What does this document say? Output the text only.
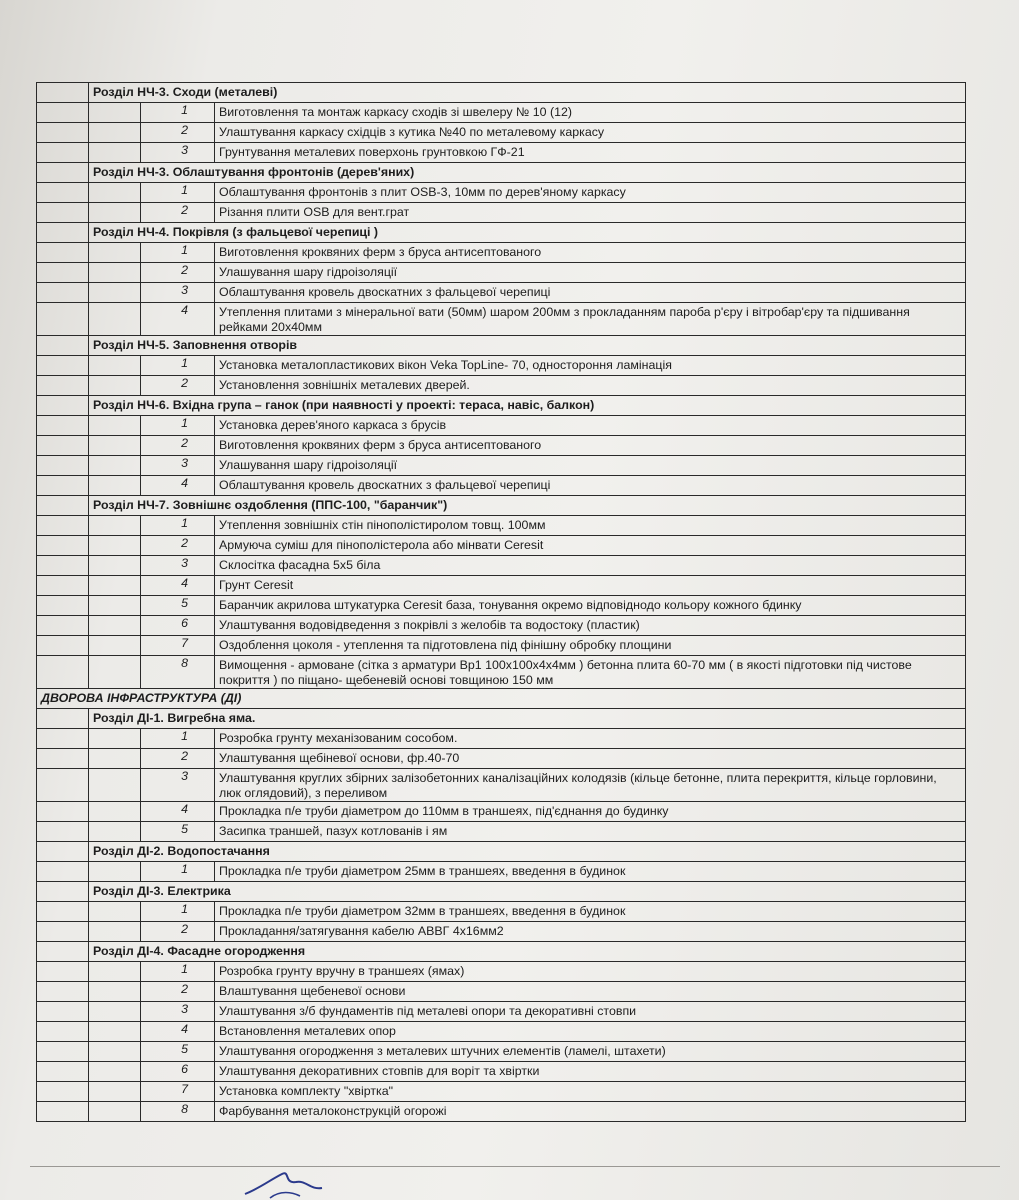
	Розділ НЧ-3. Сходи (металеві)		
		1	Виготовлення та монтаж каркасу сходів зі швелеру № 10 (12)
		2	Улаштування каркасу східців з кутика №40 по металевому каркасу
		3	Грунтування металевих поверхонь грунтовкою ГФ-21
	Розділ НЧ-3. Облаштування фронтонів (дерев'яних)		
		1	Облаштування фронтонів з плит OSB-3, 10мм по дерев'яному каркасу
		2	Різання плити OSB для вент.грат
	Розділ НЧ-4. Покрівля (з фальцевої черепиці )		
		1	Виготовлення кроквяних ферм з бруса антисептованого
		2	Улашування шару гідроізоляції
		3	Облаштування кровель двоскатних з фальцевої черепиці
		4	Утеплення плитами з мінеральної вати (50мм) шаром 200мм з прокладанням пароба р'єру і вітробар'єру та підшивання рейками 20х40мм
	Розділ НЧ-5. Заповнення отворів		
		1	Установка металопластикових вікон Veka TopLine- 70, одностороння ламінація
		2	Установлення зовнішніх металевих дверей.
	Розділ НЧ-6. Вхідна група – ганок (при наявності у проекті: тераса, навіс, балкон)		
		1	Установка дерев'яного каркаса з брусів
		2	Виготовлення кроквяних ферм з бруса антисептованого
		3	Улашування шару гідроізоляції
		4	Облаштування кровель двоскатних з фальцевої черепиці
	Розділ НЧ-7. Зовнішнє оздоблення (ППС-100, "баранчик")		
		1	Утеплення зовнішніх стін пінополістиролом товщ. 100мм
		2	Армуюча суміш для пінополістерола або мінвати Ceresit
		3	Склосітка фасадна 5х5 біла
		4	Грунт Ceresit
		5	Баранчик акрилова штукатурка Ceresit база, тонування окремо відповіднодо кольору кожного бдинку
		6	Улаштування водовідведення з покрівлі з желобів та водостоку (пластик)
		7	Оздоблення цоколя - утеплення та підготовлена під фінішну обробку площини
		8	Вимощення - армоване (сітка з арматури Вр1 100х100х4х4мм ) бетонна плита 60-70 мм ( в якості підготовки під чистове покриття ) по піщано- щебеневій основі товщиною 150 мм
ДВОРОВА ІНФРАСТРУКТУРА (ДІ)			
	Розділ ДІ-1. Вигребна яма.		
		1	Розробка грунту механізованим сособом.
		2	Улаштування щебіневої основи, фр.40-70
		3	Улаштування круглих збірних залізобетонних каналізаційних колодязів (кільце бетонне, плита перекриття, кільце горловини, люк оглядовий), з переливом
		4	Прокладка п/е труби діаметром до 110мм в траншеях, під'єднання до будинку
		5	Засипка траншей, пазух котлованів і ям
	Розділ ДІ-2. Водопостачання		
		1	Прокладка п/е труби діаметром 25мм в траншеях, введення в будинок
	Розділ ДІ-3. Електрика		
		1	Прокладка п/е труби діаметром 32мм в траншеях, введення в будинок
		2	Прокладання/затягування кабелю АВВГ 4х16мм2
	Розділ ДІ-4. Фасадне огородження		
		1	Розробка грунту вручну в траншеях (ямах)
		2	Влаштування щебеневої основи
		3	Улаштування з/б фундаментів під металеві опори та декоративні стовпи
		4	Встановлення металевих опор
		5	Улаштування огородження з металевих штучних елементів (ламелі, штахети)
		6	Улаштування декоративних стовпів для воріт та хвіртки
		7	Установка комплекту "хвіртка"
		8	Фарбування металоконструкцій огорожі
